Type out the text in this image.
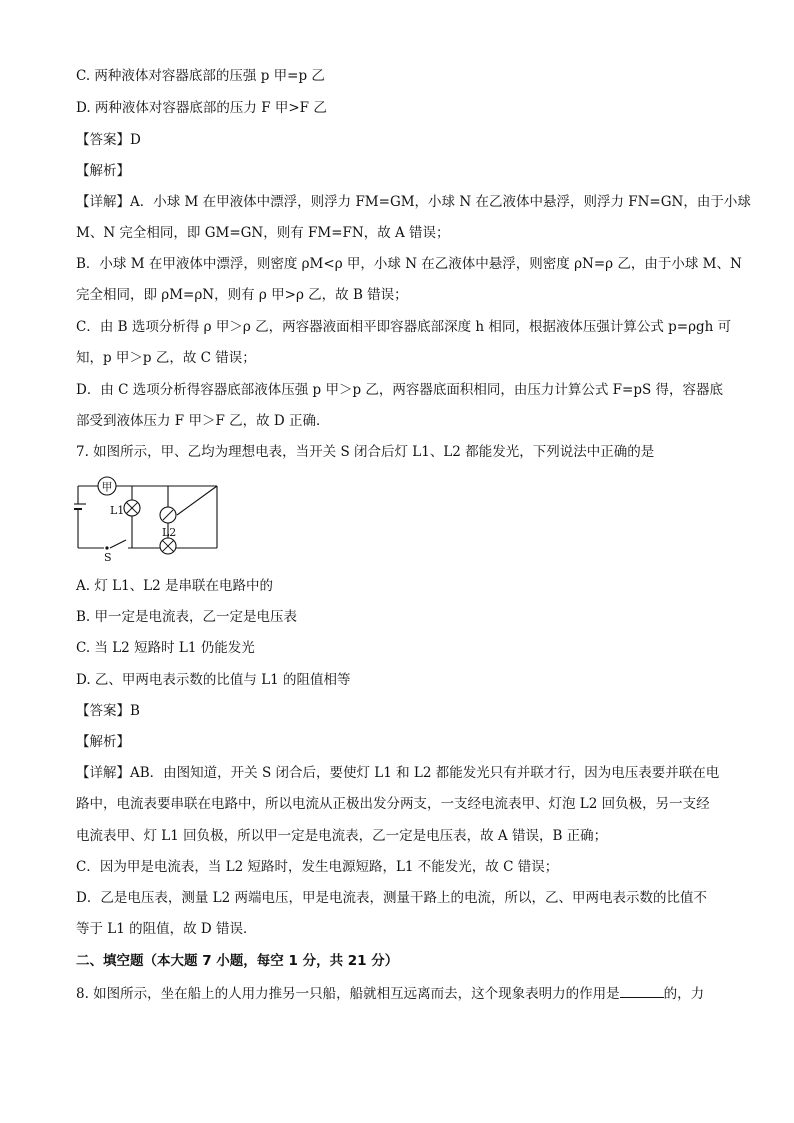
C. 两种液体对容器底部的压强 p 甲=p 乙
D. 两种液体对容器底部的压力 F 甲>F 乙
【答案】D
【解析】
【详解】A．小球 M 在甲液体中漂浮，则浮力 FM=GM，小球 N 在乙液体中悬浮，则浮力 FN=GN，由于小球
M、N 完全相同，即 GM=GN，则有 FM=FN，故 A 错误；
B．小球 M 在甲液体中漂浮，则密度 ρM<ρ 甲，小球 N 在乙液体中悬浮，则密度 ρN=ρ 乙，由于小球 M、N
完全相同，即 ρM=ρN，则有 ρ 甲>ρ 乙，故 B 错误；
C．由 B 选项分析得 ρ 甲＞ρ 乙，两容器液面相平即容器底部深度 h 相同，根据液体压强计算公式 p=ρgh 可
知，p 甲＞p 乙，故 C 错误；
D．由 C 选项分析得容器底部液体压强 p 甲＞p 乙，两容器底面积相同，由压力计算公式 F=pS 得，容器底
部受到液体压力 F 甲＞F 乙，故 D 正确．
7. 如图所示，甲、乙均为理想电表，当开关 S 闭合后灯 L1、L2 都能发光，下列说法中正确的是
甲
L1
L2
S
A. 灯 L1、L2 是串联在电路中的
B. 甲一定是电流表，乙一定是电压表
C. 当 L2 短路时 L1 仍能发光
D. 乙、甲两电表示数的比值与 L1 的阻值相等
【答案】B
【解析】
【详解】AB．由图知道，开关 S 闭合后，要使灯 L1 和 L2 都能发光只有并联才行，因为电压表要并联在电
路中，电流表要串联在电路中，所以电流从正极出发分两支，一支经电流表甲、灯泡 L2 回负极，另一支经
电流表甲、灯 L1 回负极，所以甲一定是电流表，乙一定是电压表，故 A 错误，B 正确；
C．因为甲是电流表，当 L2 短路时，发生电源短路，L1 不能发光，故 C 错误；
D．乙是电压表，测量 L2 两端电压，甲是电流表，测量干路上的电流，所以，乙、甲两电表示数的比值不
等于 L1 的阻值，故 D 错误．
二、填空题（本大题 7 小题，每空 1 分，共 21 分）
8. 如图所示，坐在船上的人用力推另一只船，船就相互远离而去，这个现象表明力的作用是	的，力
